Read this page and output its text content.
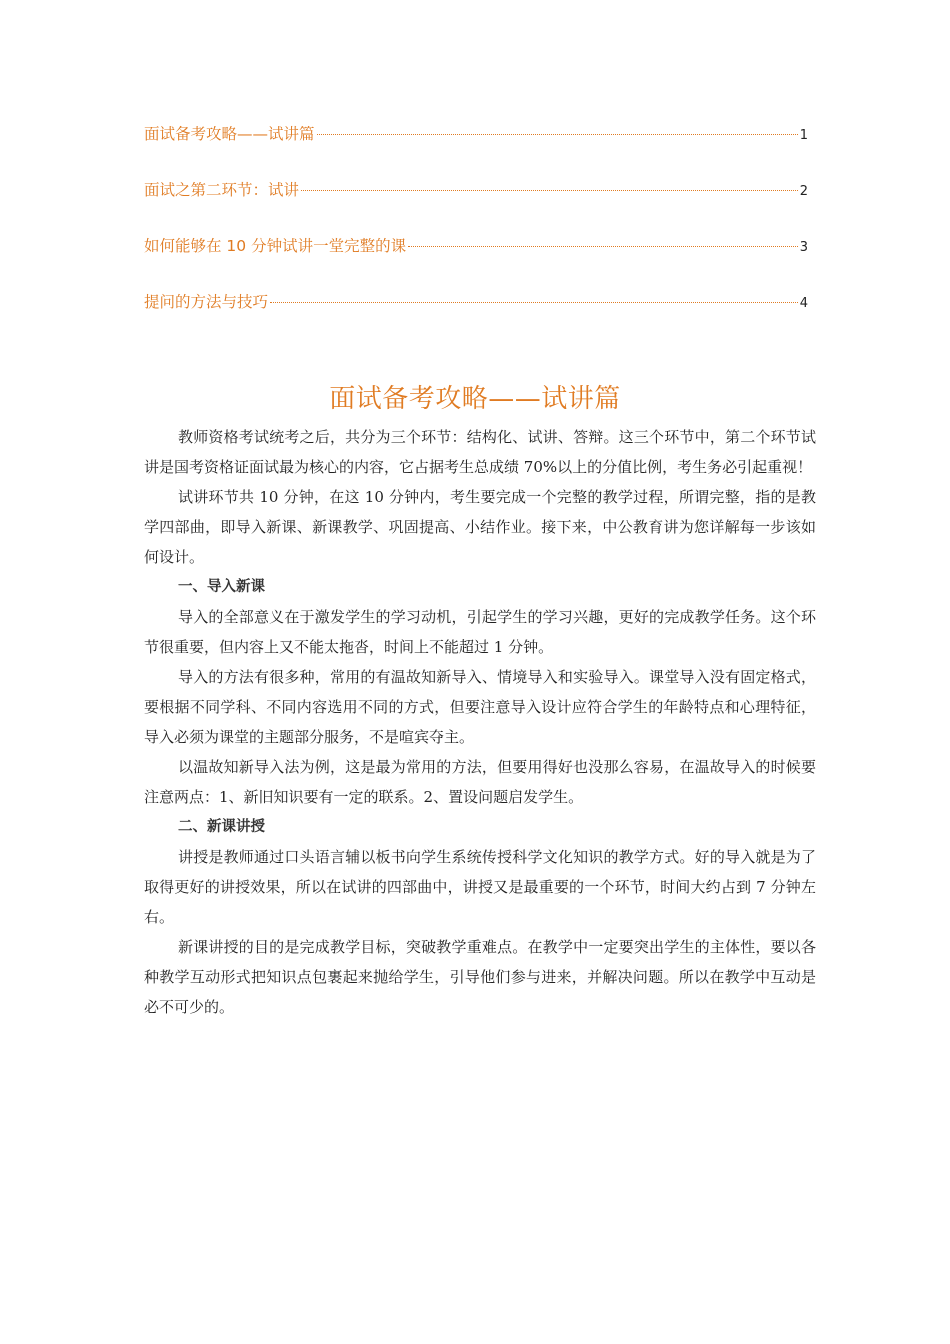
面试备考攻略——试讲篇	1
面试之第二环节：试讲	2
如何能够在 10 分钟试讲一堂完整的课	3
提问的方法与技巧	4
面试备考攻略——试讲篇

教师资格考试统考之后，共分为三个环节：结构化、试讲、答辩。这三个环节中，第二个环节试讲是国考资格证面试最为核心的内容，它占据考生总成绩 70%以上的分值比例，考生务必引起重视！

试讲环节共 10 分钟，在这 10 分钟内，考生要完成一个完整的教学过程，所谓完整，指的是教学四部曲，即导入新课、新课教学、巩固提高、小结作业。接下来，中公教育讲为您详解每一步该如何设计。

一、导入新课

导入的全部意义在于激发学生的学习动机，引起学生的学习兴趣，更好的完成教学任务。这个环节很重要，但内容上又不能太拖沓，时间上不能超过 1 分钟。

导入的方法有很多种，常用的有温故知新导入、情境导入和实验导入。课堂导入没有固定格式，要根据不同学科、不同内容选用不同的方式，但要注意导入设计应符合学生的年龄特点和心理特征，导入必须为课堂的主题部分服务，不是喧宾夺主。

以温故知新导入法为例，这是最为常用的方法，但要用得好也没那么容易，在温故导入的时候要注意两点：1、新旧知识要有一定的联系。2、置设问题启发学生。

二、新课讲授

讲授是教师通过口头语言辅以板书向学生系统传授科学文化知识的教学方式。好的导入就是为了取得更好的讲授效果，所以在试讲的四部曲中，讲授又是最重要的一个环节，时间大约占到 7 分钟左右。

新课讲授的目的是完成教学目标，突破教学重难点。在教学中一定要突出学生的主体性，要以各种教学互动形式把知识点包裹起来抛给学生，引导他们参与进来，并解决问题。所以在教学中互动是必不可少的。
